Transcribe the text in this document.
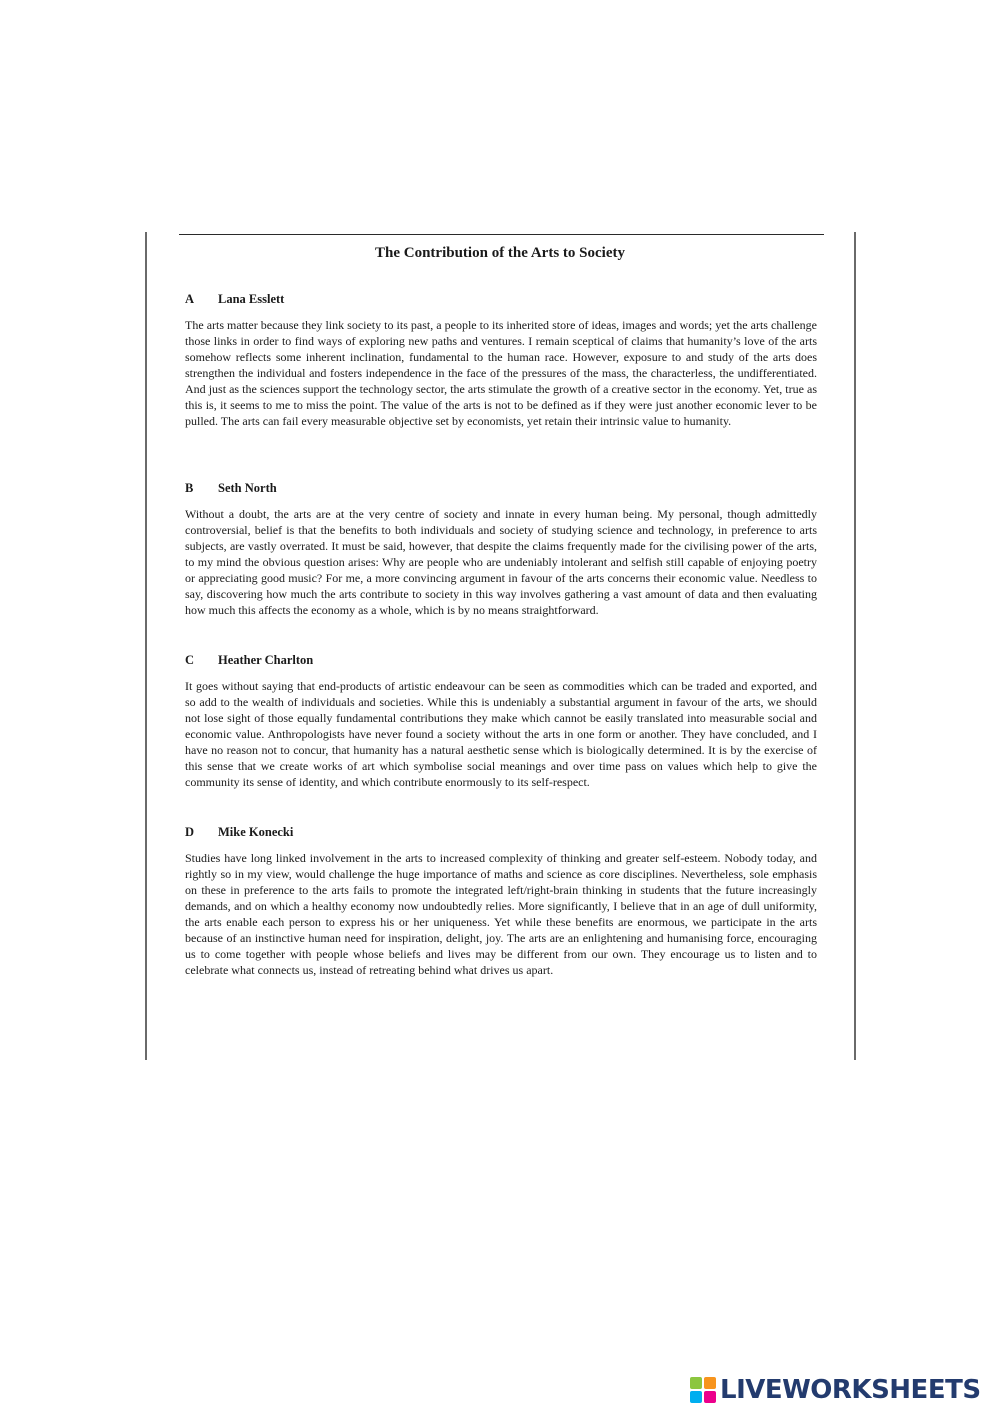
The Contribution of the Arts to Society
A Lana Esslett

The arts matter because they link society to its past, a people to its inherited store of ideas, images and words; yet the arts challenge those links in order to find ways of exploring new paths and ventures. I remain sceptical of claims that humanity’s love of the arts somehow reflects some inherent inclination, fundamental to the human race. However, exposure to and study of the arts does strengthen the individual and fosters independence in the face of the pressures of the mass, the characterless, the undifferentiated. And just as the sciences support the technology sector, the arts stimulate the growth of a creative sector in the economy. Yet, true as this is, it seems to me to miss the point. The value of the arts is not to be defined as if they were just another economic lever to be pulled. The arts can fail every measurable objective set by economists, yet retain their intrinsic value to humanity.

B Seth North

Without a doubt, the arts are at the very centre of society and innate in every human being. My personal, though admittedly controversial, belief is that the benefits to both individuals and society of studying science and technology, in preference to arts subjects, are vastly overrated. It must be said, however, that despite the claims frequently made for the civilising power of the arts, to my mind the obvious question arises: Why are people who are undeniably intolerant and selfish still capable of enjoying poetry or appreciating good music? For me, a more convincing argument in favour of the arts concerns their economic value. Needless to say, discovering how much the arts contribute to society in this way involves gathering a vast amount of data and then evaluating how much this affects the economy as a whole, which is by no means straightforward.

C Heather Charlton

It goes without saying that end-products of artistic endeavour can be seen as commodities which can be traded and exported, and so add to the wealth of individuals and societies. While this is undeniably a substantial argument in favour of the arts, we should not lose sight of those equally fundamental contributions they make which cannot be easily translated into measurable social and economic value. Anthropologists have never found a society without the arts in one form or another. They have concluded, and I have no reason not to concur, that humanity has a natural aesthetic sense which is biologically determined. It is by the exercise of this sense that we create works of art which symbolise social meanings and over time pass on values which help to give the community its sense of identity, and which contribute enormously to its self-respect.

D Mike Konecki

Studies have long linked involvement in the arts to increased complexity of thinking and greater self-esteem. Nobody today, and rightly so in my view, would challenge the huge importance of maths and science as core disciplines. Nevertheless, sole emphasis on these in preference to the arts fails to promote the integrated left/right-brain thinking in students that the future increasingly demands, and on which a healthy economy now undoubtedly relies. More significantly, I believe that in an age of dull uniformity, the arts enable each person to express his or her uniqueness. Yet while these benefits are enormous, we participate in the arts because of an instinctive human need for inspiration, delight, joy. The arts are an enlightening and humanising force, encouraging us to come together with people whose beliefs and lives may be different from our own. They encourage us to listen and to celebrate what connects us, instead of retreating behind what drives us apart.

LIVEWORKSHEETS
